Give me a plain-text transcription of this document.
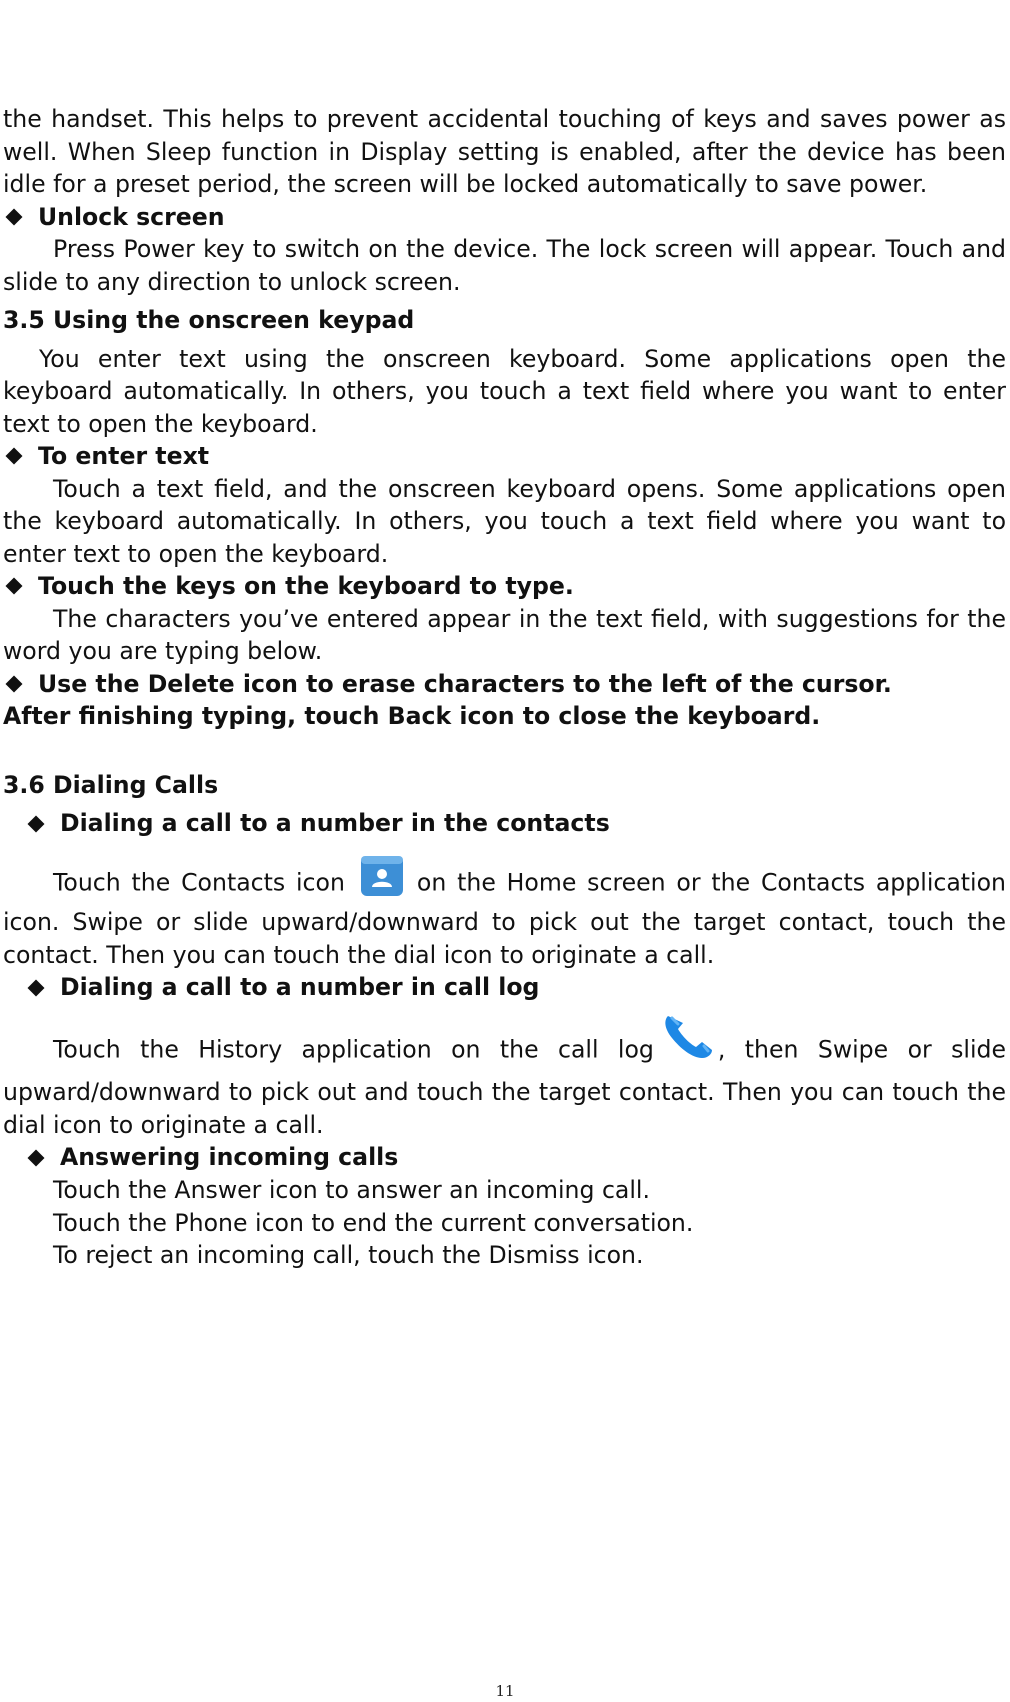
the handset. This helps to prevent accidental touching of keys and saves power as well. When Sleep function in Display setting is enabled, after the device has been idle for a preset period, the screen will be locked automatically to save power.

Unlock screen

Press Power key to switch on the device. The lock screen will appear. Touch and slide to any direction to unlock screen.

3.5 Using the onscreen keypad

You enter text using the onscreen keyboard. Some applications open the keyboard automatically. In others, you touch a text field where you want to enter text to open the keyboard.

To enter text

Touch a text field, and the onscreen keyboard opens. Some applications open the keyboard automatically. In others, you touch a text field where you want to enter text to open the keyboard.

Touch the keys on the keyboard to type.

The characters you’ve entered appear in the text field, with suggestions for the word you are typing below.

Use the Delete icon to erase characters to the left of the cursor.

After finishing typing, touch Back icon to close the keyboard.

3.6 Dialing Calls

Dialing a call to a number in the contacts

Touch the Contacts icon	on the Home screen or the Contacts application icon. Swipe or slide upward/downward to pick out the target contact, touch the contact. Then you can touch the dial icon to originate a call.

Dialing a call to a number in call log

Touch the History application on the call log	, then Swipe or slide upward/downward to pick out and touch the target contact. Then you can touch the dial icon to originate a call.

Answering incoming calls

Touch the Answer icon to answer an incoming call.

Touch the Phone icon to end the current conversation.

To reject an incoming call, touch the Dismiss icon.

11
